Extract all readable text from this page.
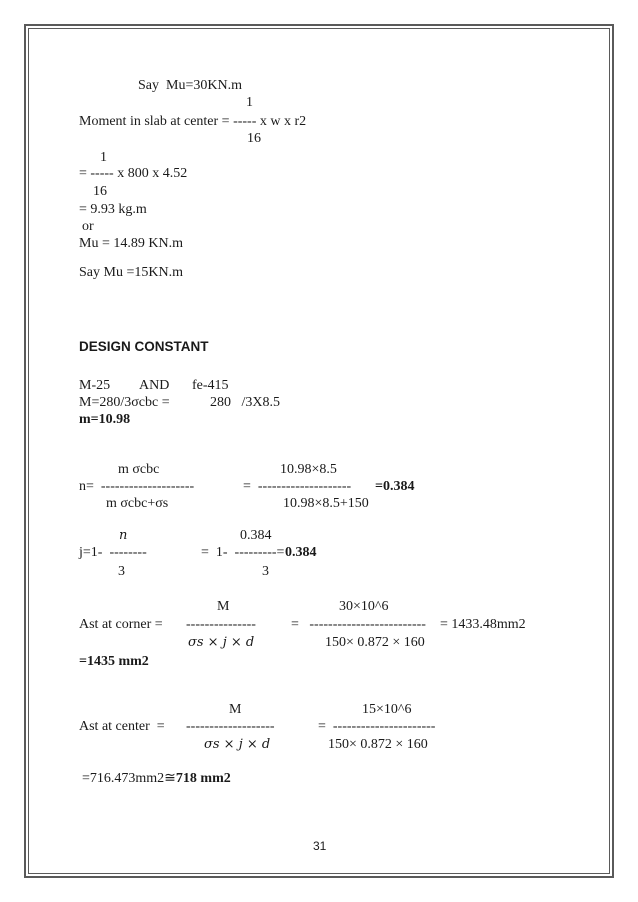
Say  Mu=30KN.m
1
Moment in slab at center = ----- x w x r2
16
1
= ----- x 800 x 4.52
16
= 9.93 kg.m
or
Mu = 14.89 KN.m
Say Mu =15KN.m
DESIGN CONSTANT
M-25 AND fe-415
M=280/3σcbc =	280   /3X8.5
m=10.98
m σcbc	10.98×8.5
n=  --------------------	=  -------------------- =0.384
m σcbc+σs	10.98×8.5+150
n	0.384
j=1-  --------	=  1-  ---------= 0.384
3	3
M	30×10^6
Ast at corner = ---------------	=   ------------------------- = 1433.48mm2
σs × j × d	150× 0.872 × 160
=1435 mm2
M	15×10^6
Ast at center  = -------------------	=  ----------------------
σs × j × d	150× 0.872 × 160
=716.473mm2≅718 mm2
31
